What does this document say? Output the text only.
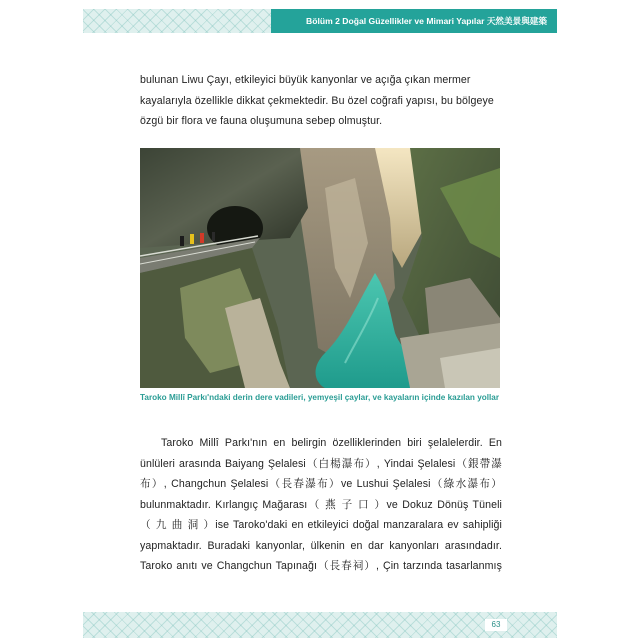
Bölüm 2 Doğal Güzellikler ve Mimari Yapılar 天然美景與建築
bulunan Liwu Çayı, etkileyici büyük kanyonlar ve açığa çıkan mermer
kayalarıyla özellikle dikkat çekmektedir. Bu özel coğrafi yapısı, bu bölgeye
özgü bir flora ve fauna oluşumuna sebep olmuştur.

Taroko Millî Parkı'ndaki derin dere vadileri, yemyeşil çaylar, ve kayaların içinde kazılan yollar

Taroko Millî Parkı'nın en belirgin özelliklerinden biri şelalelerdir. En
ünlüleri arasında Baiyang Şelalesi（白楊瀑布）, Yindai Şelalesi（銀帶瀑
布）, Changchun Şelalesi（長春瀑布）ve Lushui Şelalesi（綠水瀑布）
bulunmaktadır. Kırlangıç Mağarası（ 燕 子 口 ）ve Dokuz Dönüş Tüneli
（ 九 曲 洞 ）ise Taroko'daki en etkileyici doğal manzaralara ev sahipliği
yapmaktadır. Buradaki kanyonlar, ülkenin en dar kanyonları arasındadır.
Taroko anıtı ve Changchun Tapınağı（長春祠）, Çin tarzında tasarlanmış
63
